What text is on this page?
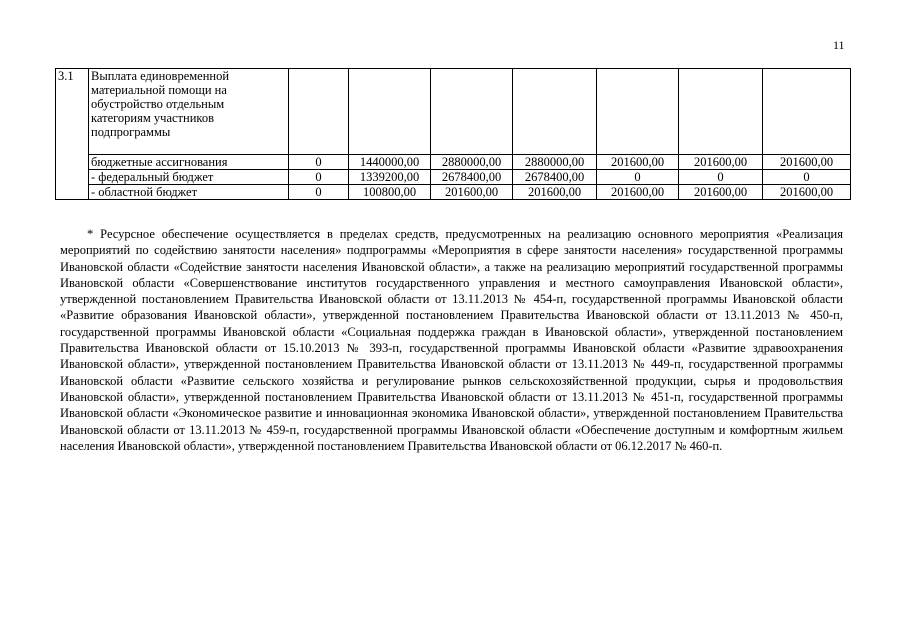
11
3.1	Выплата единовременной материальной помощи на обустройство отдельным категориям участников подпрограммы							
	бюджетные ассигнования	0	1440000,00	2880000,00	2880000,00	201600,00	201600,00	201600,00
	- федеральный бюджет	0	1339200,00	2678400,00	2678400,00	0	0	0
	- областной бюджет	0	100800,00	201600,00	201600,00	201600,00	201600,00	201600,00

* Ресурсное обеспечение осуществляется в пределах средств, предусмотренных на реализацию основного мероприятия «Реализация мероприятий по содействию занятости населения» подпрограммы «Мероприятия в сфере занятости населения» государственной программы Ивановской области «Содействие занятости населения Ивановской области», а также на реализацию мероприятий государственной программы Ивановской области «Совершенствование институтов государственного управления и местного самоуправления Ивановской области», утвержденной постановлением Правительства Ивановской области от 13.11.2013 № 454-п, государственной программы Ивановской области «Развитие образования Ивановской области», утвержденной постановлением Правительства Ивановской области от 13.11.2013 № 450-п, государственной программы Ивановской области «Социальная поддержка граждан в Ивановской области», утвержденной постановлением Правительства Ивановской области от 15.10.2013 № 393-п, государственной программы Ивановской области «Развитие здравоохранения Ивановской области», утвержденной постановлением Правительства Ивановской области от 13.11.2013 № 449-п, государственной программы Ивановской области «Развитие сельского хозяйства и регулирование рынков сельскохозяйственной продукции, сырья и продовольствия Ивановской области», утвержденной постановлением Правительства Ивановской области от 13.11.2013 № 451-п, государственной программы Ивановской области «Экономическое развитие и инновационная экономика Ивановской области», утвержденной постановлением Правительства Ивановской области от 13.11.2013 № 459-п, государственной программы Ивановской области «Обеспечение доступным и комфортным жильем населения Ивановской области», утвержденной постановлением Правительства Ивановской области от 06.12.2017 № 460-п.
